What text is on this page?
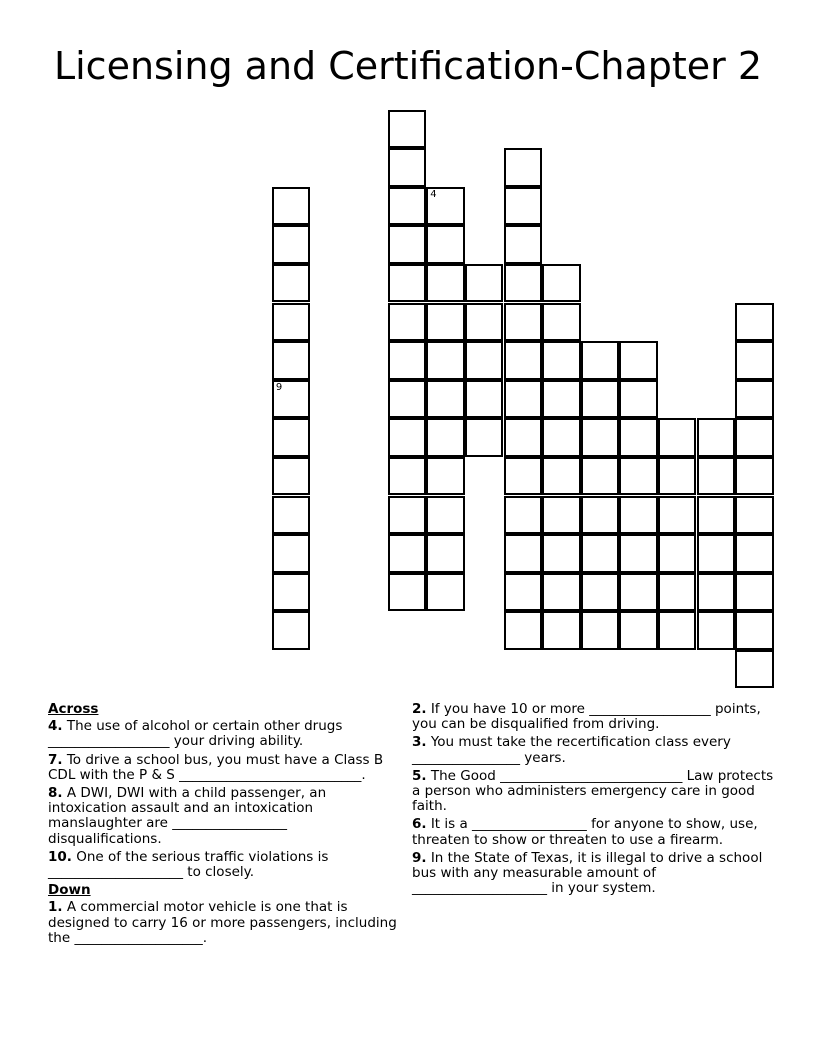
Licensing and Certification-Chapter 2
9
4
Across
4. The use of alcohol or certain other drugs __________________ your driving ability.
7. To drive a school bus, you must have a Class B CDL with the P & S ___________________________.
8. A DWI, DWI with a child passenger, an intoxication assault and an intoxication manslaughter are _________________ disqualifications.
10. One of the serious traffic violations is ____________________ to closely.
Down
1. A commercial motor vehicle is one that is designed to carry 16 or more passengers, including the ___________________.
2. If you have 10 or more __________________ points, you can be disqualified from driving.
3. You must take the recertification class every ________________ years.
5. The Good ___________________________ Law protects a person who administers emergency care in good faith.
6. It is a _________________ for anyone to show, use, threaten to show or threaten to use a firearm.
9. In the State of Texas, it is illegal to drive a school bus with any measurable amount of ____________________ in your system.
